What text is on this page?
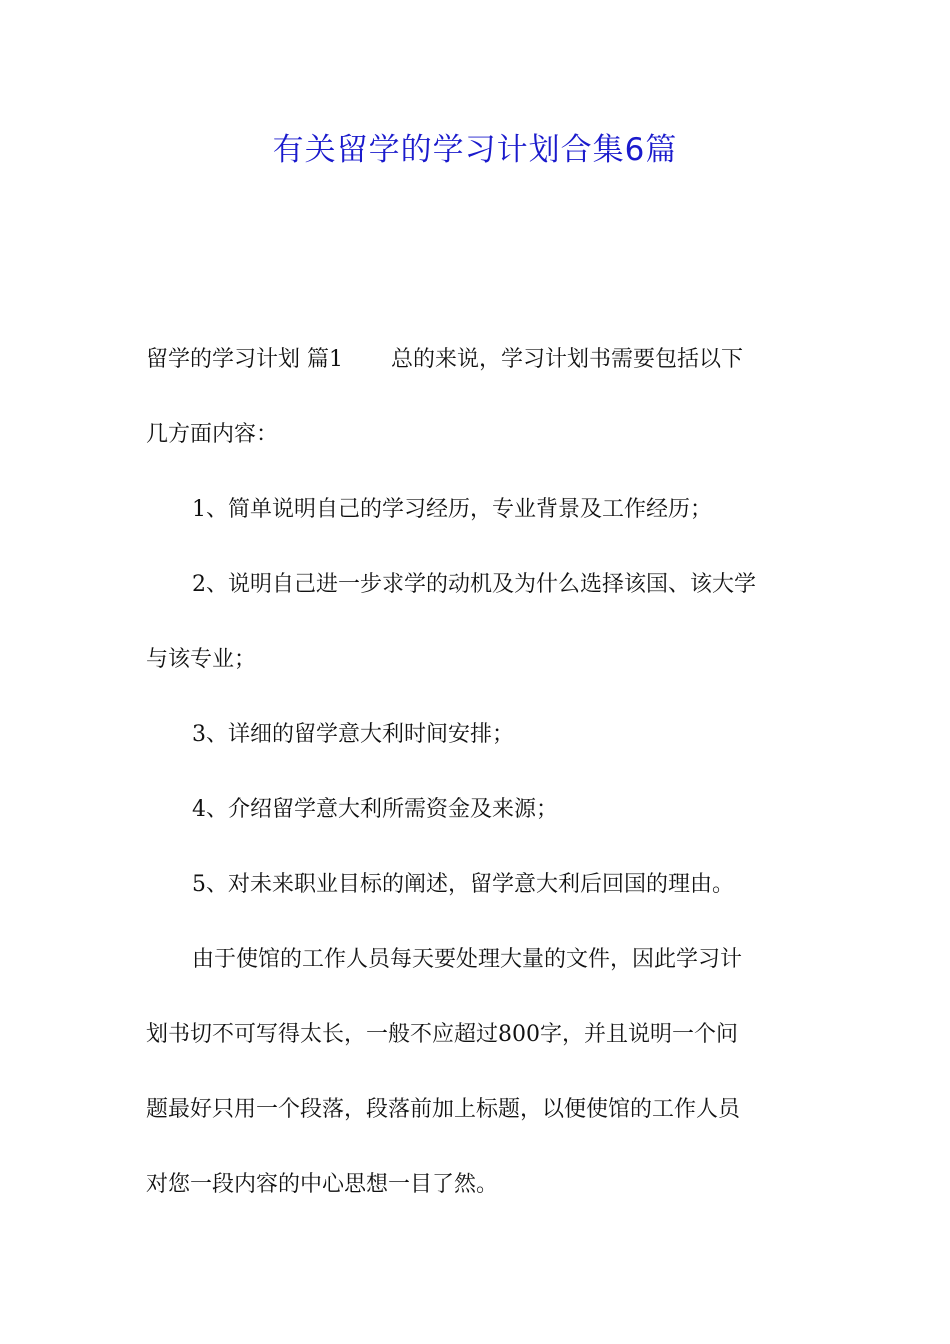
有关留学的学习计划合集6篇
留学的学习计划 篇1 总的来说，学习计划书需要包括以下
几方面内容：
1、简单说明自己的学习经历，专业背景及工作经历；
2、说明自己进一步求学的动机及为什么选择该国、该大学
与该专业；
3、详细的留学意大利时间安排；
4、介绍留学意大利所需资金及来源；
5、对未来职业目标的阐述，留学意大利后回国的理由。
由于使馆的工作人员每天要处理大量的文件，因此学习计
划书切不可写得太长，一般不应超过800字，并且说明一个问
题最好只用一个段落，段落前加上标题，以便使馆的工作人员
对您一段内容的中心思想一目了然。
